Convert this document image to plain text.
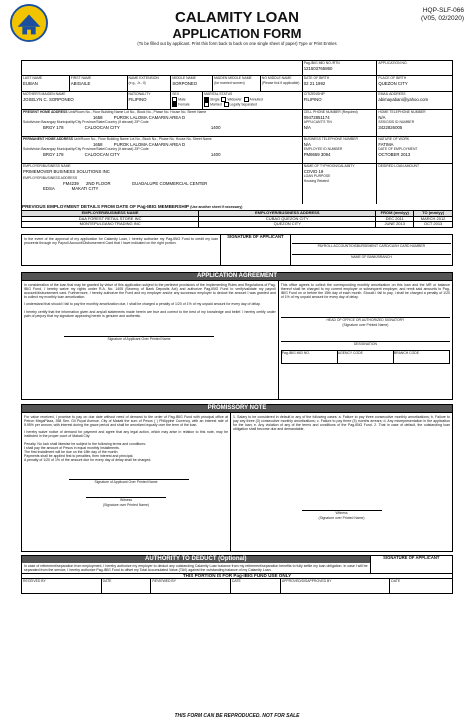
CALAMITY LOAN
APPLICATION FORM
(To be filled out by applicant. Print this form back to back on one single sheet of paper) Type or Print Entries
HQP-SLF-066
(V05, 02/2020)
Pag-IBIG MID NO./RTN
121503765860
APPLICATION NO.
LAST NAME
EUBAN
FIRST NAME
ABIGAILE
NAME EXTENSION
(e.g., Jr., II)
MIDDLE NAME
SORPONEO
MAIDEN MIDDLE NAME
(for married women)
NO MIDDLE NAME
(Please tick if applicable)
DATE OF BIRTH
02 21 1992
PLACE OF BIRTH
QUEZON CITY
MOTHER'S MAIDEN NAME
JOSELYN C. SORPONEO
NATIONALITY
FILIPINO
SEX
Male
Female
MARITAL STATUS
Single Widow/er Annulled
Married Legally Separated
CITIZENSHIP
FILIPINO
EMAIL ADDRESS
abimayabani@yahoo.com
PRESENT HOME ADDRESS Unit/Room No., Floor Building Name Lot No., Block No., Phase No. House No. Street Name
1658	PUROK LALOMA CAMARIN AREA D
Subdivision Barangay Municipality/City Province/State/Country (if abroad) ZIP Code
BRGY 178	CALOOCAN CITY	1400
CELL PHONE NUMBER (Required)
09472851174
APPLICANT'S TIN
N/A
HOME TELEPHONE NUMBER
N/A
SSS/GSIS ID NUMBER
3422826005
PERMANENT HOME ADDRESS Unit/Room No., Floor Building Name Lot No., Block No., Phase No. House No. Street Name
1658	PUROK LALOMA CAMARIN AREA D
Subdivision Barangay Municipality/City Province/State/Country (if abroad) ZIP Code
BRGY 178	CALOOCAN CITY	1400
BUSINESS TELEPHONE NUMBER
N/A
EMPLOYEE ID NUMBER
PM8659 3094
NATURE OF WORK
FATIMA
DATE OF EMPLOYMENT
OCTOBER 2013
EMPLOYER/BUSINESS NAME
PRIMEMOVER BUSINESS SOLUTIONS INC
EMPLOYER/BUSINESS ADDRESS
FM4239 2ND FLOOR	GUADALUPE COMMERCIAL CENTER
EDSA	MAKATI CITY
NAME OF TYPHOON/CALAMITY
COVID 19
LOAN PURPOSE
Housing Related
DESIRED LOAN AMOUNT
PREVIOUS EMPLOYMENT DETAILS FROM DATE OF Pag-IBIG MEMBERSHIP (Use another sheet if necessary)
EMPLOYER/BUSINESS NAME	EMPLOYER/BUSINESS ADDRESS	FROM (mm/yy)	TO (mm/yy)
DAA FOREST RETAIL STORE INC	CUBAO QUEZON CITY	DEC 2011	MARCH 2012
MONTEPULGANO TRADING INC	QUEZON CITY	JUNE 2013	OCT 2013
In the event of the approval of my application for Calamity Loan, I hereby authorize my Pag-IBIG Fund to credit my loan proceeds through my Payroll Account/Disbursement Card that I have indicated on the right portion.
SIGNATURE OF APPLICANT
PAYROLL ACCOUNT/DISBURSEMENT CARD/CASH CARD NUMBER
NAME OF BANK/BRANCH
APPLICATION AGREEMENT
In consideration of the loan that may be granted by virtue of this application subject to the pertinent provisions of the Implementing Rules and Regulations of Pag-IBIG Fund, I hereby waive my rights under R.A. No. 1405 (Secrecy of Bank Deposits Act) and authorize Pag-IBIG Fund to verify/validate my payroll account/disbursement card. Furthermore, I hereby authorize the Fund and my employer and/or any successor employer to deduct the amount I was granted and to collect my monthly loan amortization.
I understand that should I fail to pay the monthly amortization due, I shall be charged a penalty of 1/20 of 1% of my unpaid amount for every day of delay.
I hereby certify that the information given and any/all statements made herein are true and correct to the best of my knowledge and belief. I hereby certify under pain of perjury that my signature appearing herein is genuine and authentic.
Signature of Applicant Over Printed Name
This office agrees to collect the corresponding monthly amortization on this loan and the MR or balance thereof shall be charged to my current employer or subsequent employer, and remit said amounts to Pag-IBIG Fund on or before the 15th day of each month. Should I fail to pay, I shall be charged a penalty of 1/20 of 1% of my unpaid amount for every day of delay.
HEAD OF OFFICE OR AUTHORIZED SIGNATORY
(Signature over Printed Name)
DESIGNATION
Pag-IBIG MID NO.	AGENCY CODE	BRANCH CODE
PROMISSORY NOTE
For value received, I promise to pay on due date without need of demand to the order of Pag-IBIG Fund with principal office at Petron MegaPlaza, 358 Sen. Gil Puyat Avenue, City of Makati the sum of Pesos ( ) Philippine Currency, with an interest rate of 5.95% per annum, with interest during the grace period and shall be amortized equally over the term of the loan.
I hereby waive notice of demand for payment and agree that any legal action, which may arise in relation to this note, may be instituted in the proper court of Makati City.
Penalty. No lock shall likewise be subject to the following terms and conditions:
I shall pay the amount of Pesos in equal monthly installments.
The first installment will be due on the 15th day of the month.
Payments shall be applied first to penalties, then interest and principal.
A penalty of 1/20 of 1% of the amount due for every day of delay shall be charged.
Signature of Applicant Over Printed Name
Witness
(Signature over Printed Name)
1. Salary to be considered in default in any of the following cases: a. Failure to pay three consecutive monthly amortizations; b. Failure to pay any three (3) consecutive monthly amortizations; c. Failure to pay three (3) months arrears; d. Any misrepresentation in the application for the loan; e. Any violation of any of the terms and conditions of the Pag-IBIG Fund. 2. That in case of default, the outstanding loan obligation shall become due and demandable.
Witness
(Signature over Printed Name)
AUTHORITY TO DEDUCT (Optional)
In case of retirement/separation from employment, I hereby authorize my employer to deduct any outstanding Calamity Loan balance from my retirement/separation benefits to fully settle my loan obligation. In case I will be separated from the service, I hereby authorize Pag-IBIG Fund to offset my Total Accumulated Value (TAV) against the outstanding balance of my Calamity Loan.
SIGNATURE OF APPLICANT
THIS PORTION IS FOR Pag-IBIG FUND USE ONLY
RECEIVED BY	DATE	REVIEWED BY	DATE	APPROVED/DISAPPROVED BY	DATE
THIS FORM CAN BE REPRODUCED. NOT FOR SALE
